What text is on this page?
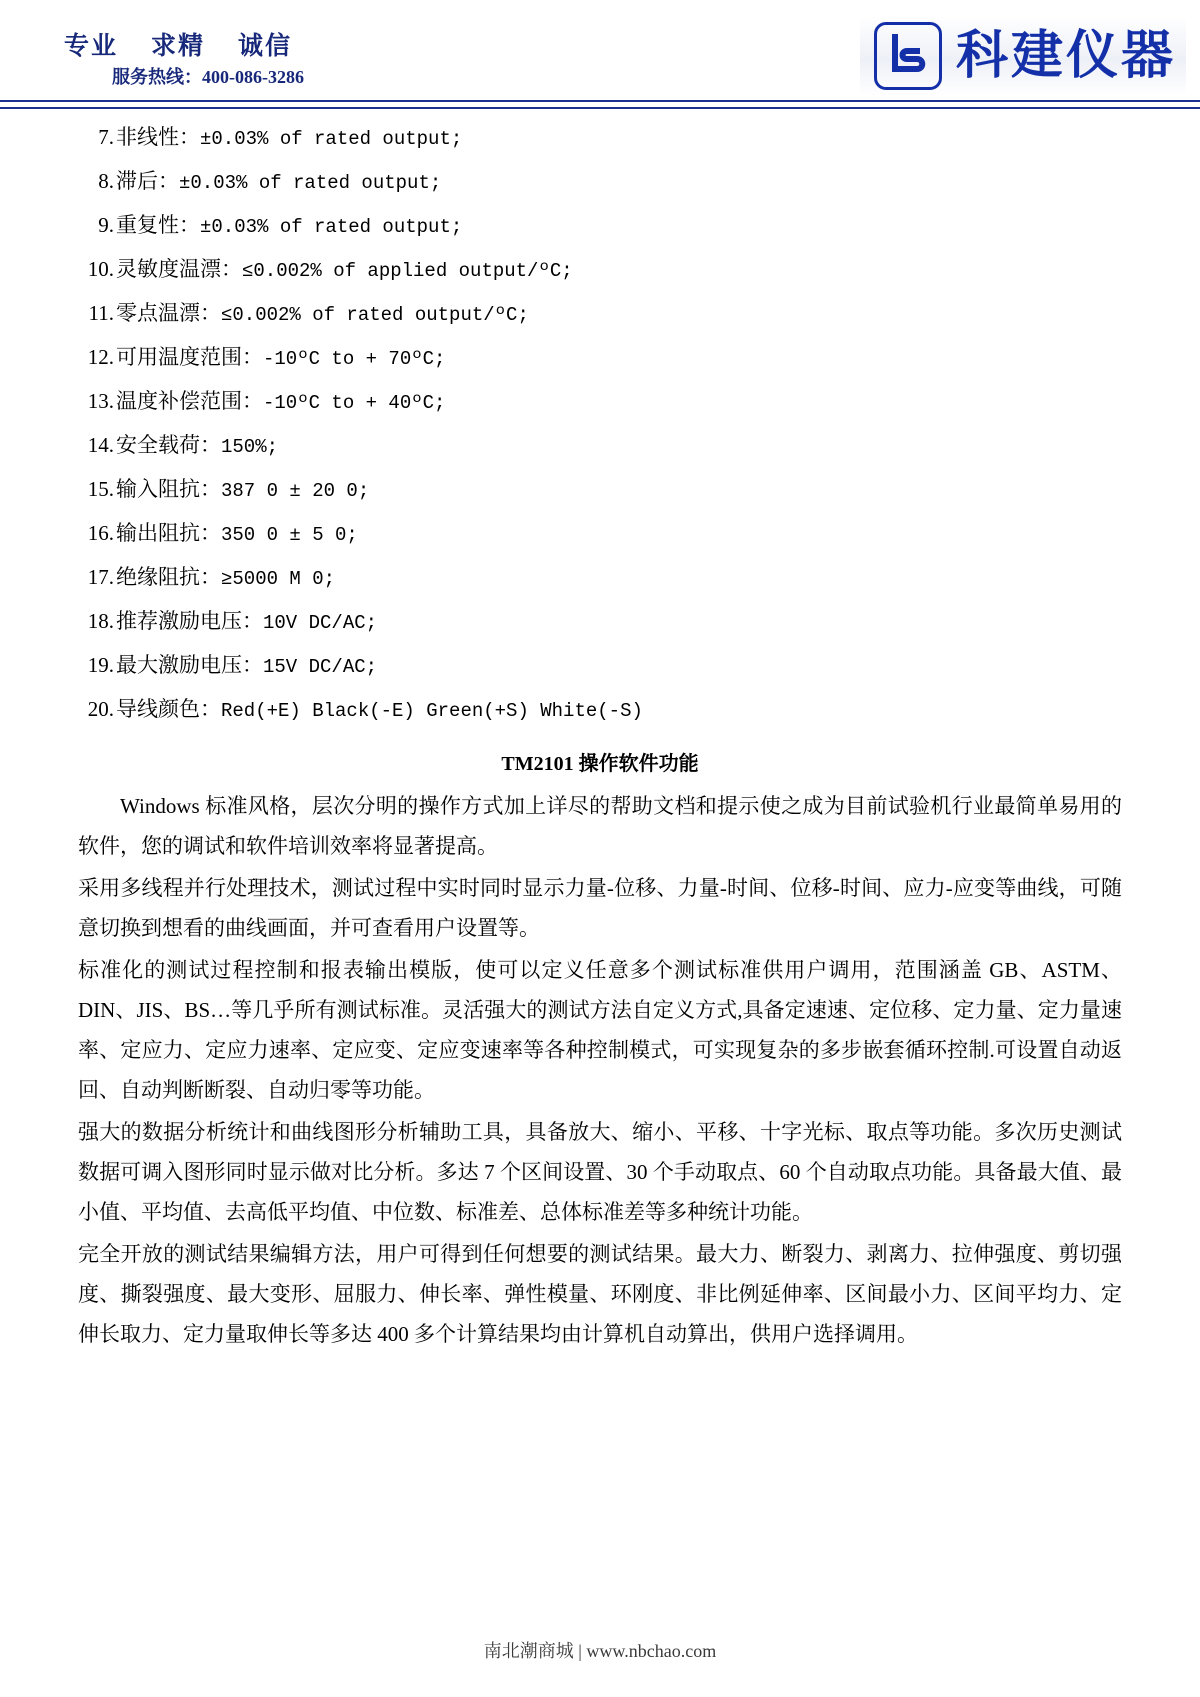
专业    求精    诚信
服务热线：400-086-3286	科建仪器
7. 非线性： ±0.03% of rated output;
8. 滞后： ±0.03% of rated output;
9. 重复性： ±0.03% of rated output;
10. 灵敏度温漂： ≤0.002% of applied output/ºC;
11. 零点温漂： ≤0.002% of rated output/ºC;
12. 可用温度范围： -10ºC to + 70ºC;
13. 温度补偿范围： -10ºC to + 40ºC;
14. 安全载荷： 150%;
15. 输入阻抗： 387 0 ± 20 0;
16. 输出阻抗： 350 0 ± 5 0;
17. 绝缘阻抗： ≥5000 M 0;
18. 推荐激励电压： 10V DC/AC;
19. 最大激励电压： 15V DC/AC;
20. 导线颜色： Red(+E) Black(-E) Green(+S) White(-S)
TM2101 操作软件功能

Windows 标准风格，层次分明的操作方式加上详尽的帮助文档和提示使之成为目前试验机行业最简单易用的软件，您的调试和软件培训效率将显著提高。

采用多线程并行处理技术，测试过程中实时同时显示力量-位移、力量-时间、位移-时间、应力-应变等曲线，可随意切换到想看的曲线画面，并可查看用户设置等。

标准化的测试过程控制和报表输出模版，使可以定义任意多个测试标准供用户调用，范围涵盖 GB、ASTM、DIN、JIS、BS…等几乎所有测试标准。灵活强大的测试方法自定义方式,具备定速速、定位移、定力量、定力量速率、定应力、定应力速率、定应变、定应变速率等各种控制模式，可实现复杂的多步嵌套循环控制.可设置自动返回、自动判断断裂、自动归零等功能。

强大的数据分析统计和曲线图形分析辅助工具，具备放大、缩小、平移、十字光标、取点等功能。多次历史测试数据可调入图形同时显示做对比分析。多达 7 个区间设置、30 个手动取点、60 个自动取点功能。具备最大值、最小值、平均值、去高低平均值、中位数、标准差、总体标准差等多种统计功能。

完全开放的测试结果编辑方法，用户可得到任何想要的测试结果。最大力、断裂力、剥离力、拉伸强度、剪切强度、撕裂强度、最大变形、屈服力、伸长率、弹性模量、环刚度、非比例延伸率、区间最小力、区间平均力、定伸长取力、定力量取伸长等多达 400 多个计算结果均由计算机自动算出，供用户选择调用。

南北潮商城 | www.nbchao.com
